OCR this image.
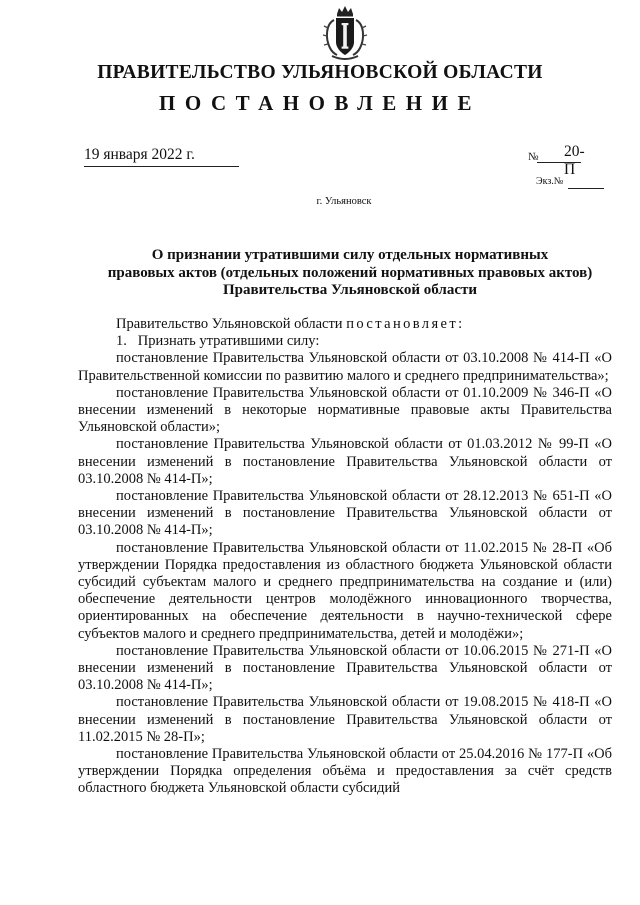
ПРАВИТЕЛЬСТВО УЛЬЯНОВСКОЙ ОБЛАСТИ
ПОСТАНОВЛЕНИЕ
19 января 2022 г.	№ 20-П
Экз.№
г. Ульяновск
О признании утратившими силу отдельных нормативных
правовых актов (отдельных положений нормативных правовых актов)
Правительства Ульяновской области

Правительство Ульяновской области постановляет:

1.   Признать утратившими силу:

постановление Правительства Ульяновской области от 03.10.2008 № 414-П «О Правительственной комиссии по развитию малого и среднего предпринимательства»;

постановление Правительства Ульяновской области от 01.10.2009 № 346-П «О внесении изменений в некоторые нормативные правовые акты Правительства Ульяновской области»;

постановление Правительства Ульяновской области от 01.03.2012 № 99-П «О внесении изменений в постановление Правительства Ульяновской области от 03.10.2008 № 414-П»;

постановление Правительства Ульяновской области от 28.12.2013 № 651-П «О внесении изменений в постановление Правительства Ульяновской области от 03.10.2008 № 414-П»;

постановление Правительства Ульяновской области от 11.02.2015 № 28-П «Об утверждении Порядка предоставления из областного бюджета Ульяновской области субсидий субъектам малого и среднего предпринимательства на создание и (или) обеспечение деятельности центров молодёжного инновационного творчества, ориентированных на обеспечение деятельности в научно-технической сфере субъектов малого и среднего предпринимательства, детей и молодёжи»;

постановление Правительства Ульяновской области от 10.06.2015 № 271-П «О внесении изменений в постановление Правительства Ульяновской области от 03.10.2008 № 414-П»;

постановление Правительства Ульяновской области от 19.08.2015 № 418-П «О внесении изменений в постановление Правительства Ульяновской области от 11.02.2015 № 28-П»;

постановление Правительства Ульяновской области от 25.04.2016 № 177-П «Об утверждении Порядка определения объёма и предоставления за счёт средств областного бюджета Ульяновской области субсидий
